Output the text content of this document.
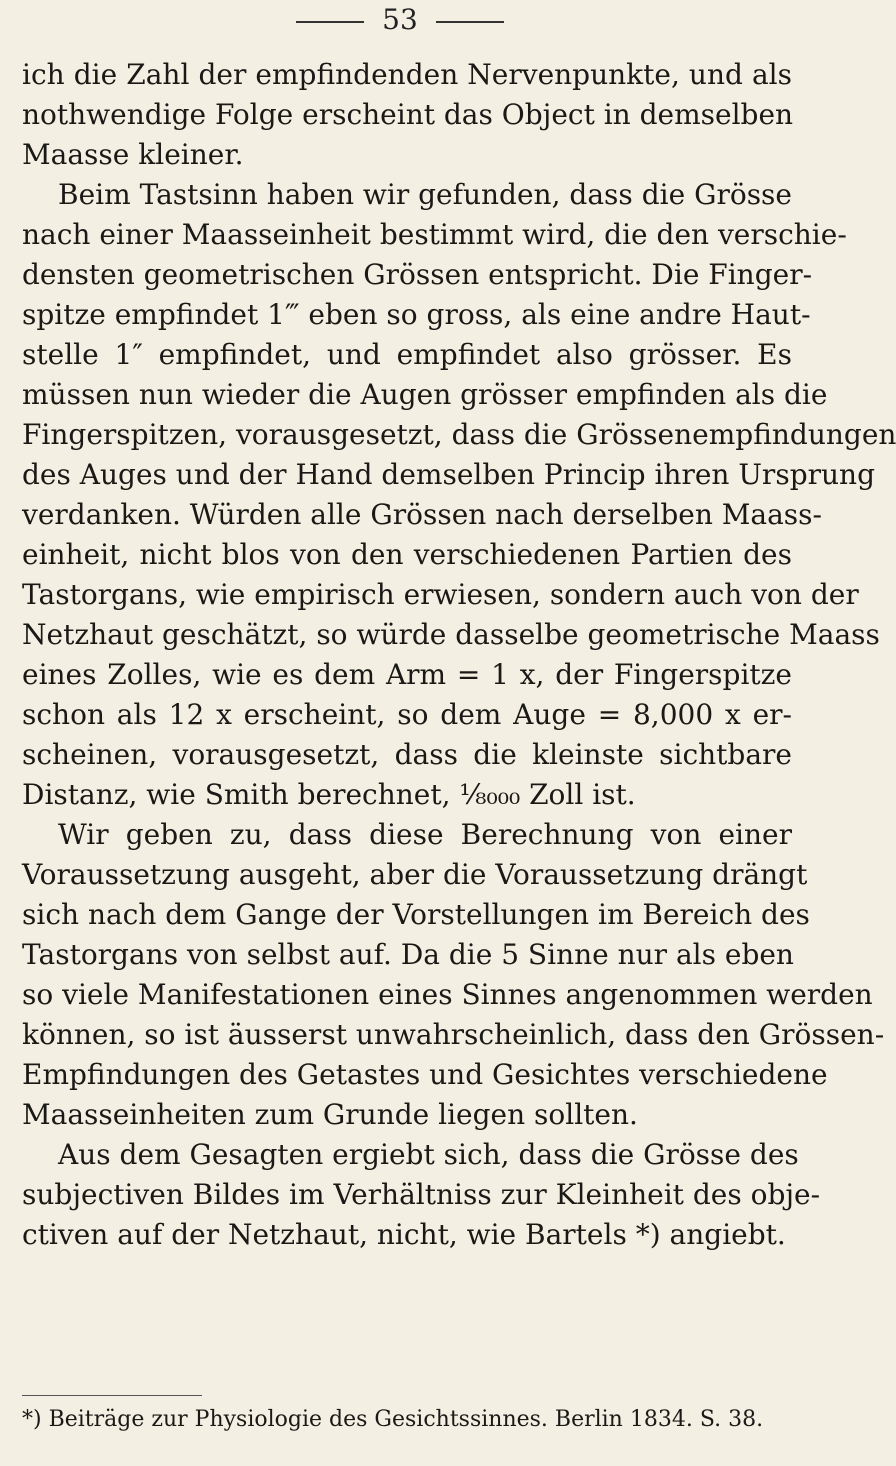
53
ich die Zahl der empfindenden Nervenpunkte, und als
nothwendige Folge erscheint das Object in demselben
Maasse kleiner.
Beim Tastsinn haben wir gefunden, dass die Grösse
nach einer Maasseinheit bestimmt wird, die den verschie-
densten geometrischen Grössen entspricht. Die Finger-
spitze empfindet 1‴ eben so gross, als eine andre Haut-
stelle 1″ empfindet, und empfindet also grösser. Es
müssen nun wieder die Augen grösser empfinden als die
Fingerspitzen, vorausgesetzt, dass die Grössenempfindungen
des Auges und der Hand demselben Princip ihren Ursprung
verdanken. Würden alle Grössen nach derselben Maass-
einheit, nicht blos von den verschiedenen Partien des
Tastorgans, wie empirisch erwiesen, sondern auch von der
Netzhaut geschätzt, so würde dasselbe geometrische Maass
eines Zolles, wie es dem Arm = 1 x, der Fingerspitze
schon als 12 x erscheint, so dem Auge = 8,000 x er-
scheinen, vorausgesetzt, dass die kleinste sichtbare
Distanz, wie Smith berechnet, ¹⁄₈₀₀₀ Zoll ist.
Wir geben zu, dass diese Berechnung von einer
Voraussetzung ausgeht, aber die Voraussetzung drängt
sich nach dem Gange der Vorstellungen im Bereich des
Tastorgans von selbst auf. Da die 5 Sinne nur als eben
so viele Manifestationen eines Sinnes angenommen werden
können, so ist äusserst unwahrscheinlich, dass den Grössen-
Empfindungen des Getastes und Gesichtes verschiedene
Maasseinheiten zum Grunde liegen sollten.
Aus dem Gesagten ergiebt sich, dass die Grösse des
subjectiven Bildes im Verhältniss zur Kleinheit des obje-
ctiven auf der Netzhaut, nicht, wie Bartels *) angiebt.
*) Beiträge zur Physiologie des Gesichtssinnes. Berlin 1834. S. 38.
